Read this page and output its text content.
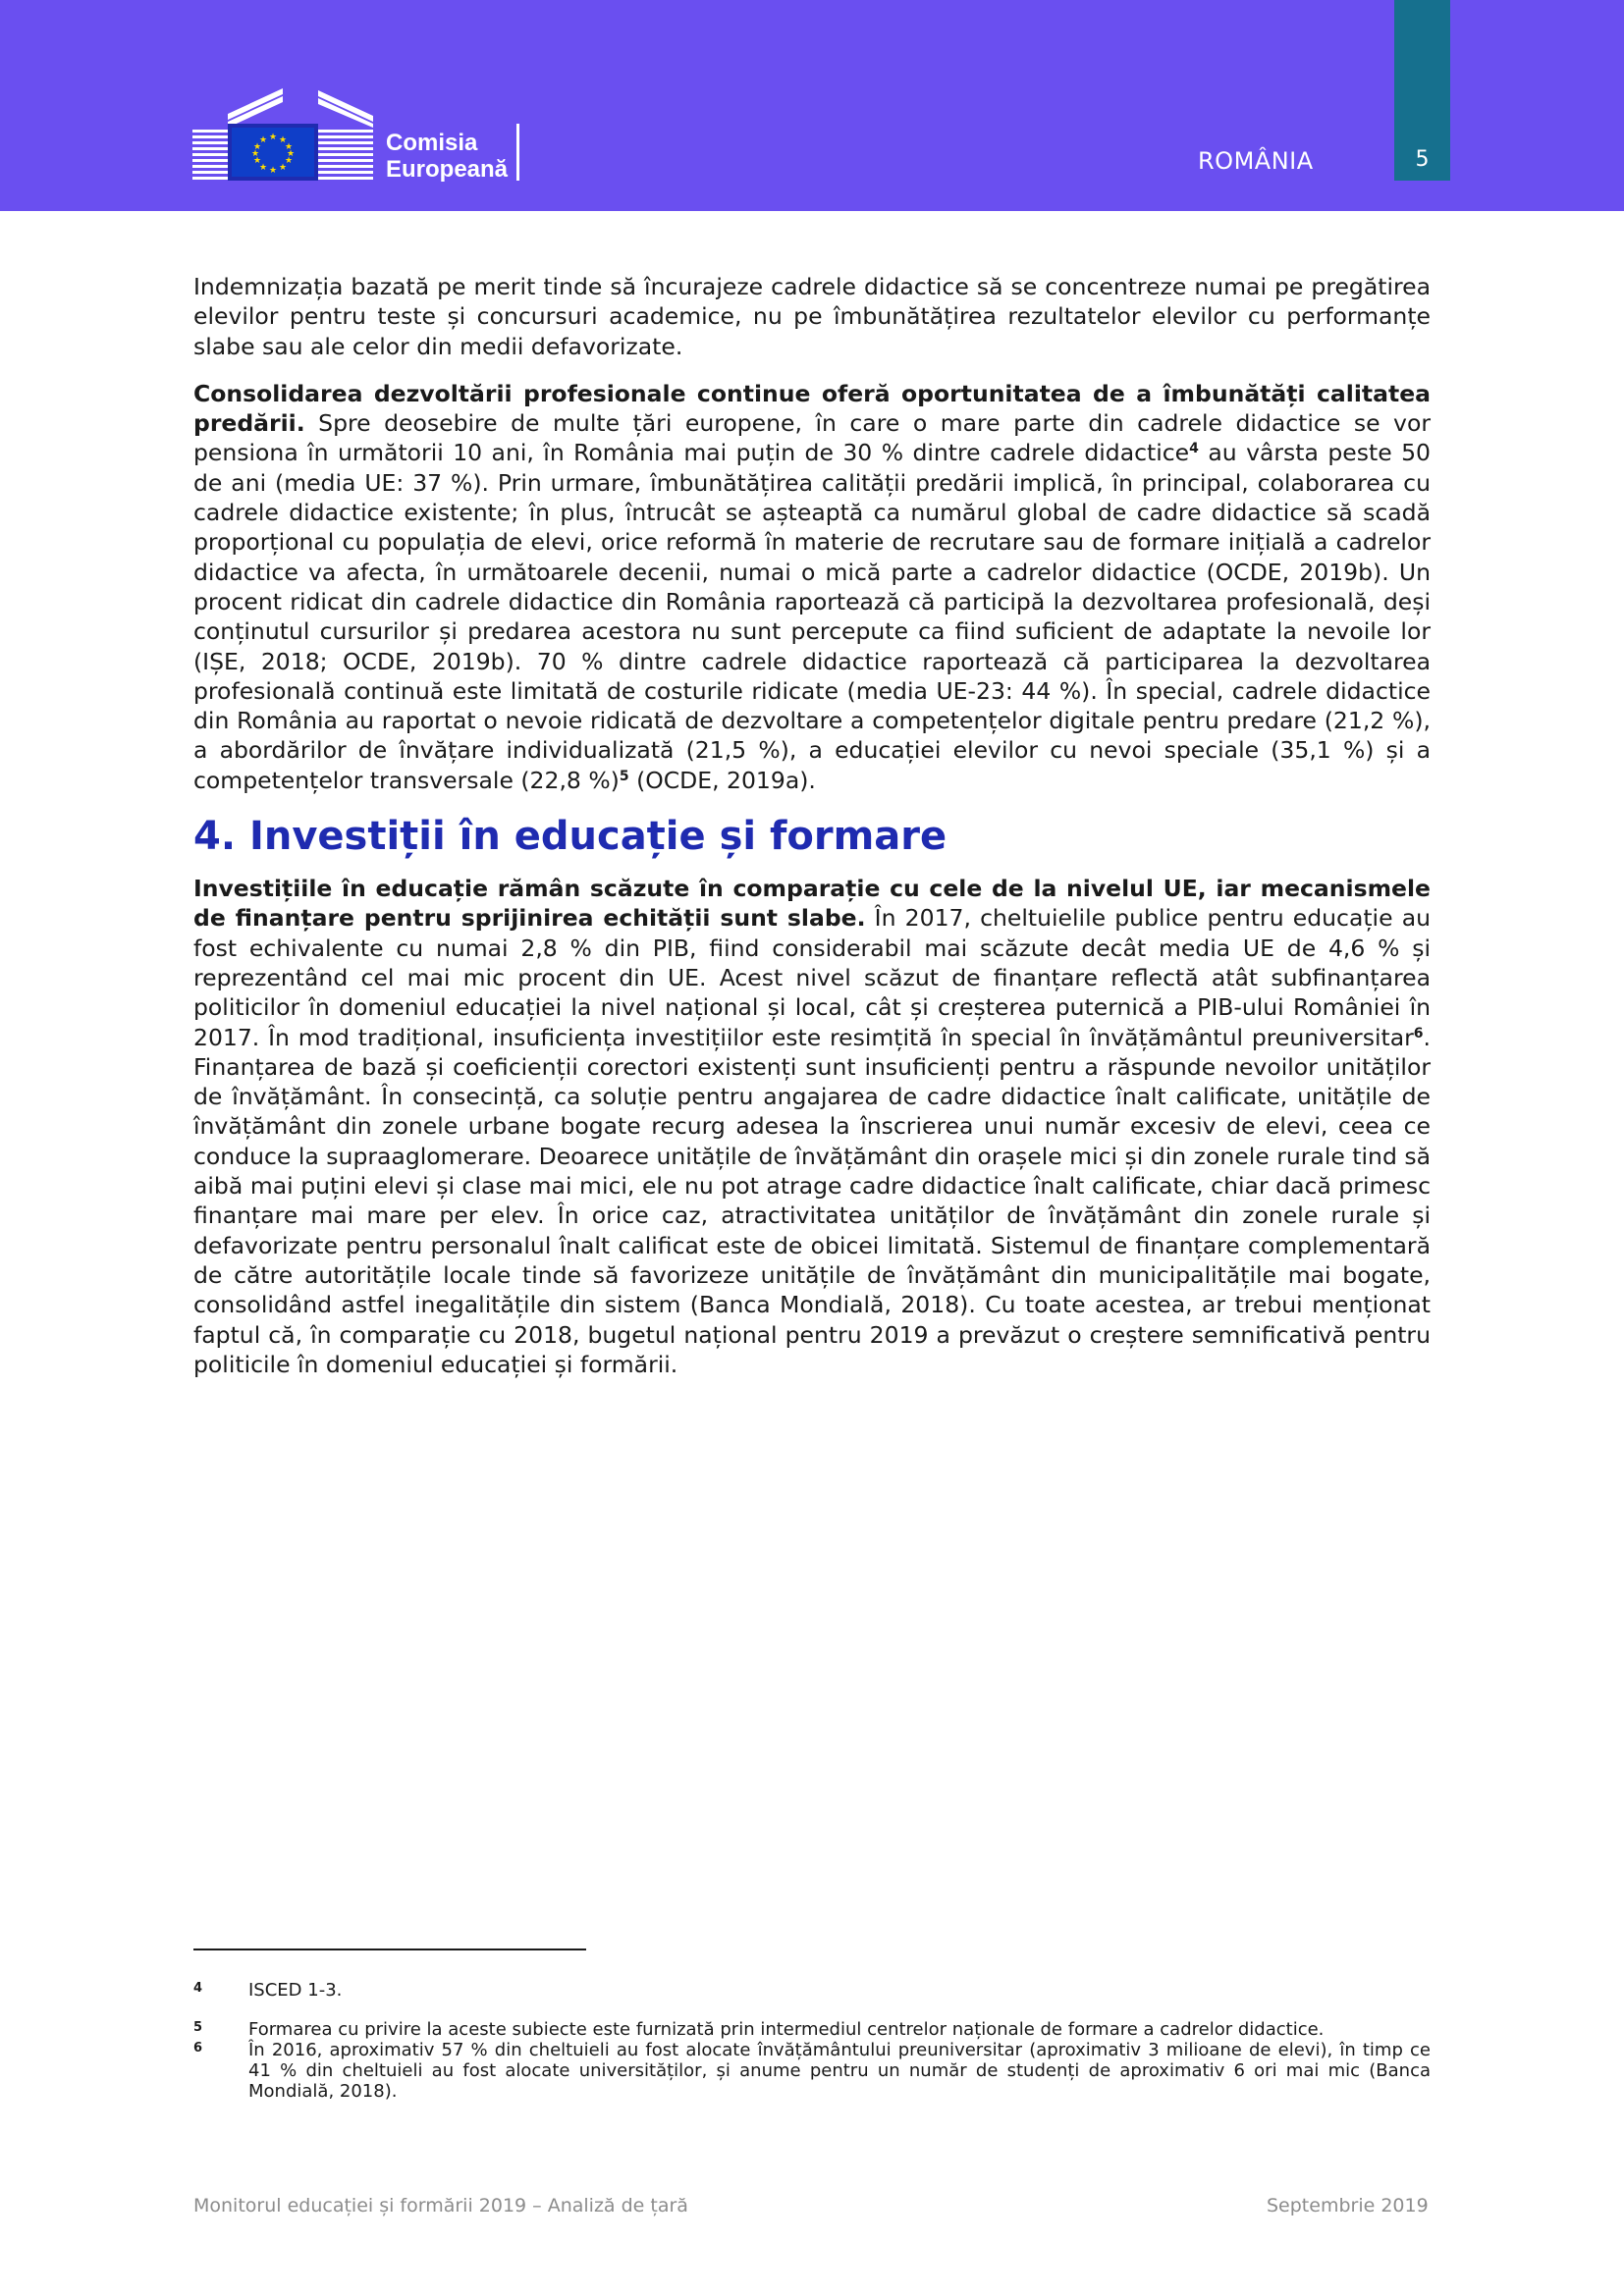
5
ROMÂNIA
★ ★
★
★
★
★
★
★
★
★
★
★	Comisia
Europeană

Indemnizația bazată pe merit tinde să încurajeze cadrele didactice să se concentreze numai pe pregătirea elevilor pentru teste și concursuri academice, nu pe îmbunătățirea rezultatelor elevilor cu performanțe slabe sau ale celor din medii defavorizate.

Consolidarea dezvoltării profesionale continue oferă oportunitatea de a îmbunătăți calitatea predării. Spre deosebire de multe țări europene, în care o mare parte din cadrele didactice se vor pensiona în următorii 10 ani, în România mai puțin de 30 % dintre cadrele didactice$^4$ au vârsta peste 50 de ani (media UE: 37 %). Prin urmare, îmbunătățirea calității predării implică, în principal, colaborarea cu cadrele didactice existente; în plus, întrucât se așteaptă ca numărul global de cadre didactice să scadă proporțional cu populația de elevi, orice reformă în materie de recrutare sau de formare inițială a cadrelor didactice va afecta, în următoarele decenii, numai o mică parte a cadrelor didactice (OCDE, 2019b). Un procent ridicat din cadrele didactice din România raportează că participă la dezvoltarea profesională, deși conținutul cursurilor și predarea acestora nu sunt percepute ca fiind suficient de adaptate la nevoile lor (IȘE, 2018; OCDE, 2019b). 70 % dintre cadrele didactice raportează că participarea la dezvoltarea profesională continuă este limitată de costurile ridicate (media UE-23: 44 %). În special, cadrele didactice din România au raportat o nevoie ridicată de dezvoltare a competențelor digitale pentru predare (21,2 %), a abordărilor de învățare individualizată (21,5 %), a educației elevilor cu nevoi speciale (35,1 %) și a competențelor transversale (22,8 %)$^5$ (OCDE, 2019a).

4. Investiții în educație și formare

Investițiile în educație rămân scăzute în comparație cu cele de la nivelul UE, iar mecanismele de finanțare pentru sprijinirea echității sunt slabe. În 2017, cheltuielile publice pentru educație au fost echivalente cu numai 2,8 % din PIB, fiind considerabil mai scăzute decât media UE de 4,6 % și reprezentând cel mai mic procent din UE. Acest nivel scăzut de finanțare reflectă atât subfinanțarea politicilor în domeniul educației la nivel național și local, cât și creșterea puternică a PIB-ului României în 2017. În mod tradițional, insuficiența investițiilor este resimțită în special în învățământul preuniversitar$^6$. Finanțarea de bază și coeficienții corectori existenți sunt insuficienți pentru a răspunde nevoilor unităților de învățământ. În consecință, ca soluție pentru angajarea de cadre didactice înalt calificate, unitățile de învățământ din zonele urbane bogate recurg adesea la înscrierea unui număr excesiv de elevi, ceea ce conduce la supraaglomerare. Deoarece unitățile de învățământ din orașele mici și din zonele rurale tind să aibă mai puțini elevi și clase mai mici, ele nu pot atrage cadre didactice înalt calificate, chiar dacă primesc finanțare mai mare per elev. În orice caz, atractivitatea unităților de învățământ din zonele rurale și defavorizate pentru personalul înalt calificat este de obicei limitată. Sistemul de finanțare complementară de către autoritățile locale tinde să favorizeze unitățile de învățământ din municipalitățile mai bogate, consolidând astfel inegalitățile din sistem (Banca Mondială, 2018). Cu toate acestea, ar trebui menționat faptul că, în comparație cu 2018, bugetul național pentru 2019 a prevăzut o creștere semnificativă pentru politicile în domeniul educației și formării.

4	ISCED 1-3.
5	Formarea cu privire la aceste subiecte este furnizată prin intermediul centrelor naționale de formare a cadrelor didactice.
6	În 2016, aproximativ 57 % din cheltuieli au fost alocate învățământului preuniversitar (aproximativ 3 milioane de elevi), în timp ce 41 % din cheltuieli au fost alocate universităților, și anume pentru un număr de studenți de aproximativ 6 ori mai mic (Banca Mondială, 2018).
Monitorul educației și formării 2019 – Analiză de țară	Septembrie 2019
